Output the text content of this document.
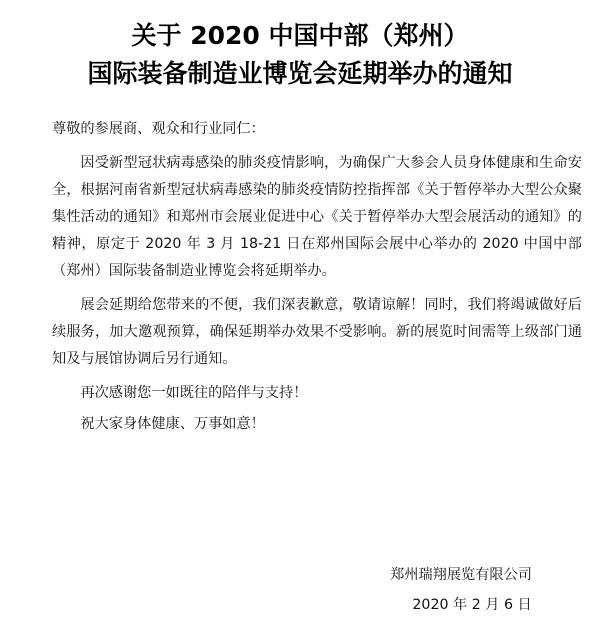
关于 2020 中国中部（郑州）
国际装备制造业博览会延期举办的通知

尊敬的参展商、观众和行业同仁：

因受新型冠状病毒感染的肺炎疫情影响，为确保广大参会人员身体健康和生命安全，根据河南省新型冠状病毒感染的肺炎疫情防控指挥部《关于暂停举办大型公众聚集性活动的通知》和郑州市会展业促进中心《关于暂停举办大型会展活动的通知》的精神，原定于 2020 年 3 月 18-21 日在郑州国际会展中心举办的 2020 中国中部（郑州）国际装备制造业博览会将延期举办。

展会延期给您带来的不便，我们深表歉意，敬请谅解！同时，我们将竭诚做好后续服务，加大邀观预算，确保延期举办效果不受影响。新的展览时间需等上级部门通知及与展馆协调后另行通知。

再次感谢您一如既往的陪伴与支持！

祝大家身体健康、万事如意！

郑州瑞翔展览有限公司
2020 年 2 月 6 日
